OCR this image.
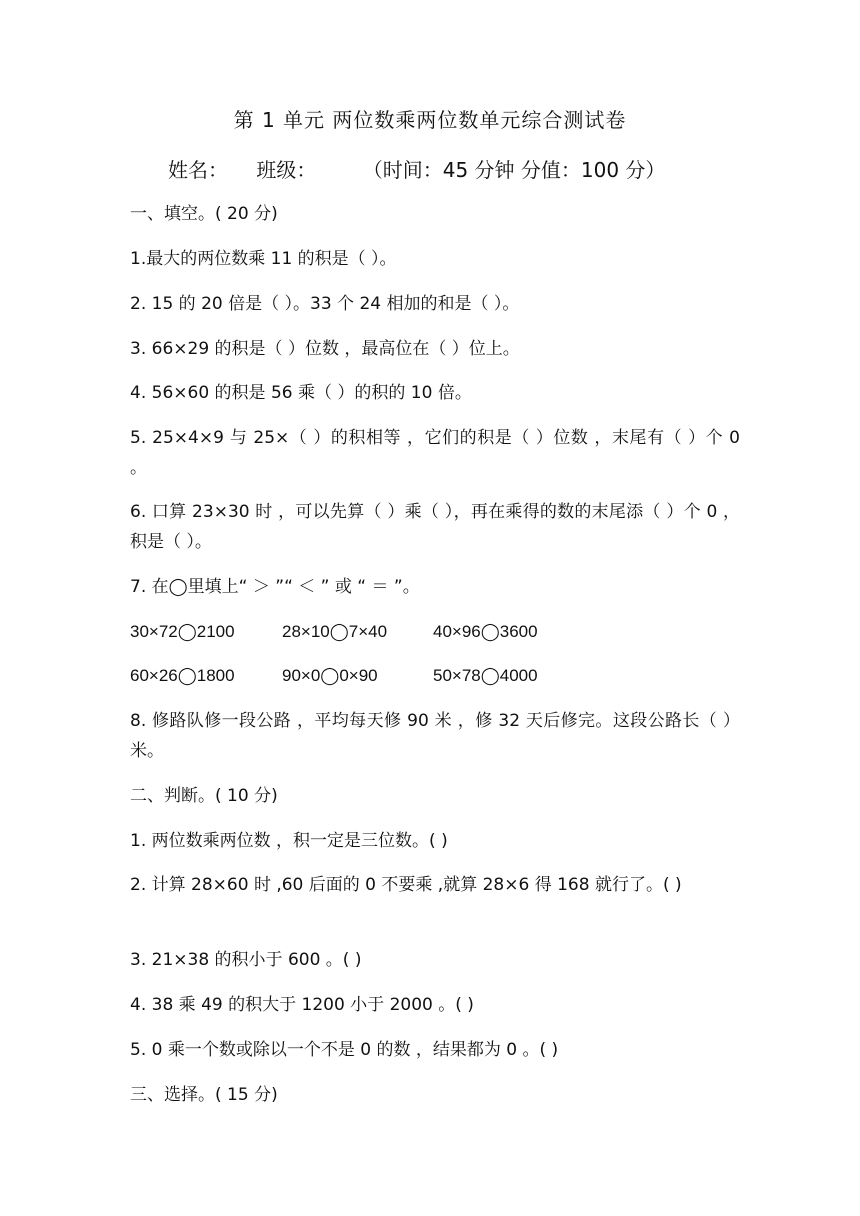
第 1 单元 两位数乘两位数单元综合测试卷
姓名： 班级： （时间：45 分钟 分值：100 分）
一、填空。( 20 分)
1.最大的两位数乘 11 的积是（ ）。
2. 15 的 20 倍是（ ）。33 个 24 相加的和是（ ）。
3. 66×29 的积是（ ）位数 ，最高位在（ ）位上。
4. 56×60 的积是 56 乘（ ）的积的 10 倍。
5. 25×4×9 与 25×（ ）的积相等 ，它们的积是（ ）位数 ，末尾有（ ）个 0 。
6. 口算 23×30 时 ，可以先算（ ）乘（ ），再在乘得的数的末尾添（ ）个 0 ，积是（ ）。
7. 在◯里填上“ ＞ ”“ ＜ ” 或 “ ＝ ”。
30×72◯2100	28×10◯7×40	40×96◯3600
60×26◯1800	90×0◯0×90	50×78◯4000
8. 修路队修一段公路 ，平均每天修 90 米 ，修 32 天后修完。这段公路长（ ）米。
二、判断。( 10 分)
1. 两位数乘两位数 ，积一定是三位数。( )
2. 计算 28×60 时 ,60 后面的 0 不要乘 ,就算 28×6 得 168 就行了。( )
3. 21×38 的积小于 600 。( )
4. 38 乘 49 的积大于 1200 小于 2000 。( )
5. 0 乘一个数或除以一个不是 0 的数 ，结果都为 0 。( )
三、选择。( 15 分)
